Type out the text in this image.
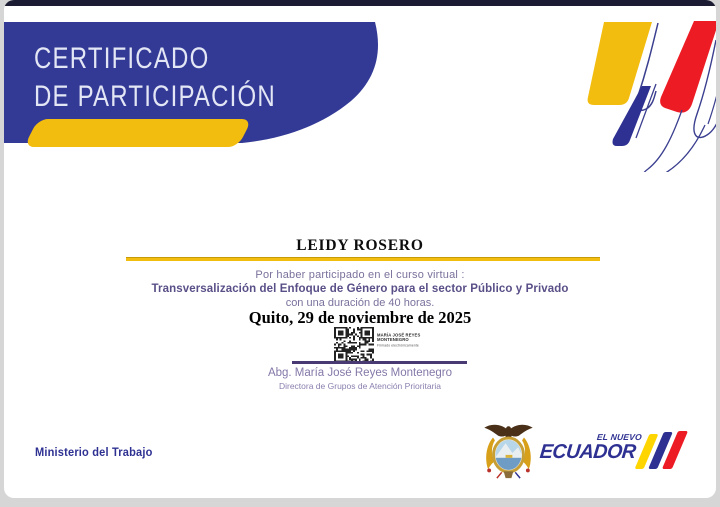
CERTIFICADO
DE PARTICIPACIÓN
LEIDY ROSERO
Por haber participado en el curso virtual :
Transversalización del Enfoque de Género para el sector Público y Privado
con una duración de 40 horas.
Quito, 29 de noviembre de 2025
MARÍA JOSÉ REYES
MONTENEGRO
Firmado electrónicamente
Abg. María José Reyes Montenegro
Directora de Grupos de Atención Prioritaria
Ministerio del Trabajo
EL NUEVO
ECUADOR
